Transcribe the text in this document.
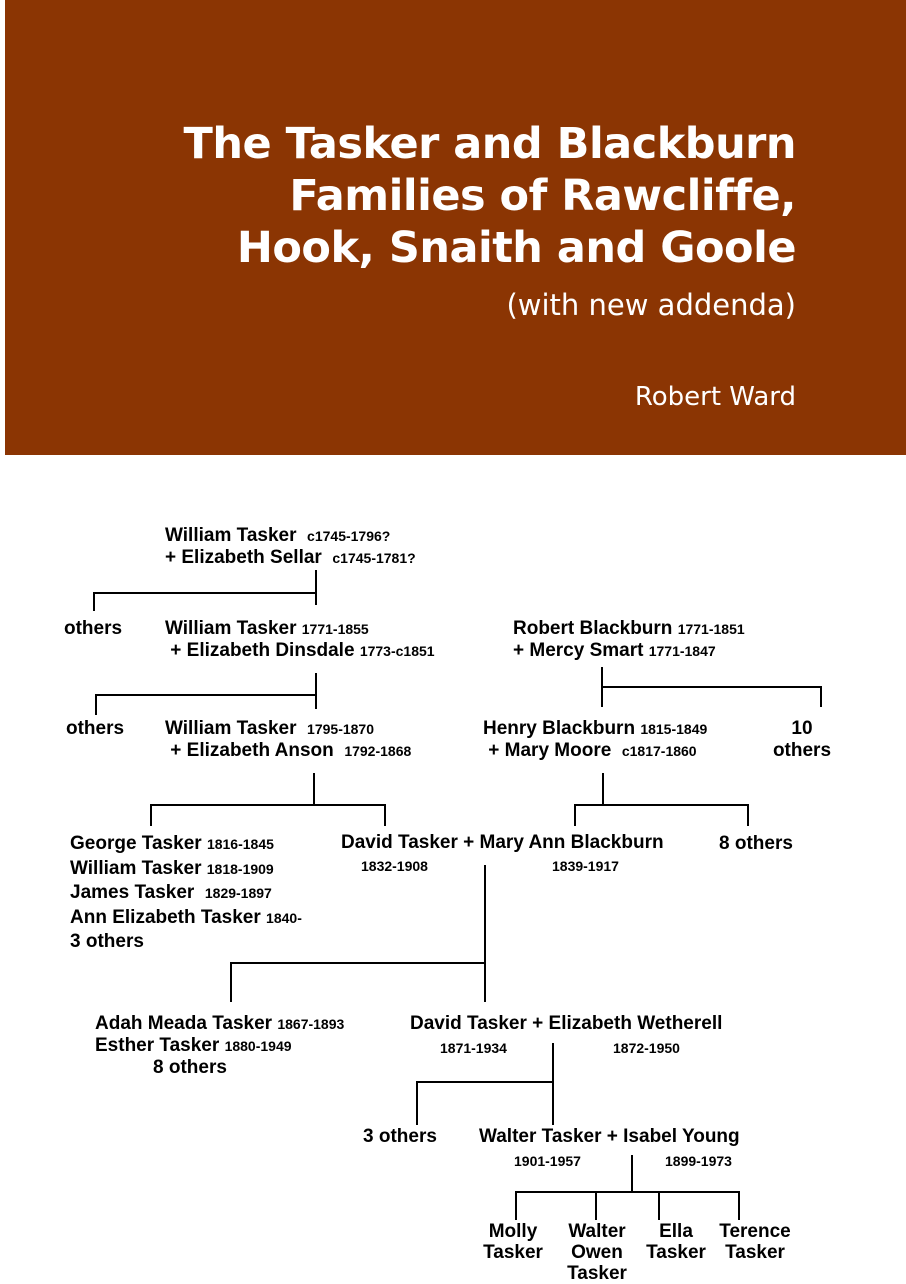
The Tasker and Blackburn
Families of Rawcliffe,
Hook, Snaith and Goole
(with new addenda)
Robert Ward
William Tasker c1745-1796?
+ Elizabeth Sellar c1745-1781?
others William Tasker 1771-1855
+ Elizabeth Dinsdale 1773-c1851
Robert Blackburn 1771-1851
+ Mercy Smart 1771-1847
others William Tasker 1795-1870
+ Elizabeth Anson 1792-1868
Henry Blackburn 1815-1849
+ Mary Moore c1817-1860
10
others
George Tasker 1816-1845
William Tasker 1818-1909
James Tasker 1829-1897
Ann Elizabeth Tasker 1840-
3 others
David Tasker + Mary Ann Blackburn
1832-1908	1839-1917
8 others
Adah Meada Tasker 1867-1893
Esther Tasker 1880-1949
8 others
David Tasker + Elizabeth Wetherell
1871-1934	1872-1950
3 others Walter Tasker + Isabel Young
1901-1957	1899-1973
Molly
Tasker
Walter
Owen
Tasker
Ella
Tasker
Terence
Tasker
